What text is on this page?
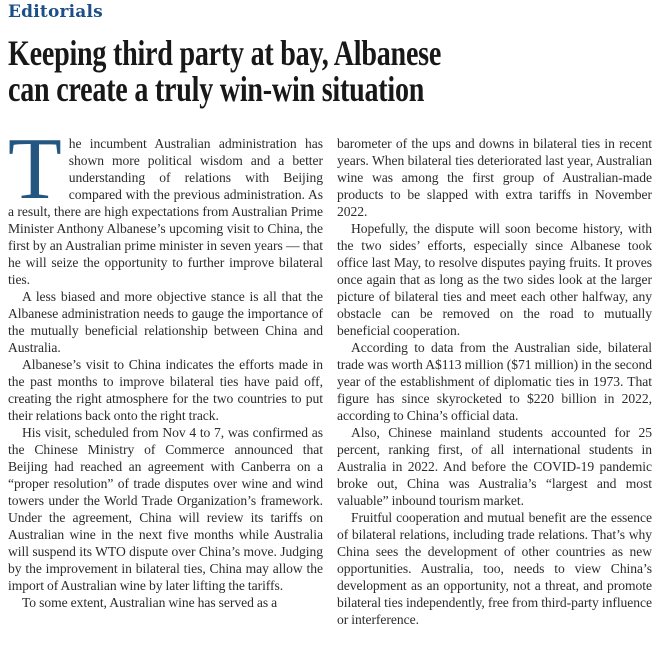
Editorials
Keeping third party at bay, Albanese
can create a truly win-win situation

The incumbent Australian administration has shown more political wisdom and a better understanding of relations with Beijing compared with the previous administration. As a result, there are high expectations from Australian Prime Minister Anthony Albanese’s upcoming visit to China, the first by an Australian prime minister in seven years — that he will seize the opportunity to further improve bilateral ties.

A less biased and more objective stance is all that the Albanese administration needs to gauge the importance of the mutually beneficial relationship between China and Australia.

Albanese’s visit to China indicates the efforts made in the past months to improve bilateral ties have paid off, creating the right atmosphere for the two countries to put their relations back onto the right track.

His visit, scheduled from Nov 4 to 7, was confirmed as the Chinese Ministry of Commerce announced that Beijing had reached an agreement with Canberra on a “proper resolution” of trade disputes over wine and wind towers under the World Trade Organization’s framework. Under the agreement, China will review its tariffs on Australian wine in the next five months while Australia will suspend its WTO dispute over China’s move. Judging by the improvement in bilateral ties, China may allow the import of Australian wine by later lifting the tariffs.

To some extent, Australian wine has served as a

barometer of the ups and downs in bilateral ties in recent years. When bilateral ties deteriorated last year, Australian wine was among the first group of Australian-made products to be slapped with extra tariffs in November 2022.

Hopefully, the dispute will soon become history, with the two sides’ efforts, especially since Albanese took office last May, to resolve disputes paying fruits. It proves once again that as long as the two sides look at the larger picture of bilateral ties and meet each other halfway, any obstacle can be removed on the road to mutually beneficial cooperation.

According to data from the Australian side, bilateral trade was worth A$113 million ($71 million) in the second year of the establishment of diplomatic ties in 1973. That figure has since skyrocketed to $220 billion in 2022, according to China’s official data.

Also, Chinese mainland students accounted for 25 percent, ranking first, of all international students in Australia in 2022. And before the COVID-19 pandemic broke out, China was Australia’s “largest and most valuable” inbound tourism market.

Fruitful cooperation and mutual benefit are the essence of bilateral relations, including trade relations. That’s why China sees the development of other countries as new opportunities. Australia, too, needs to view China’s development as an opportunity, not a threat, and promote bilateral ties independently, free from third-party influence or interference.
